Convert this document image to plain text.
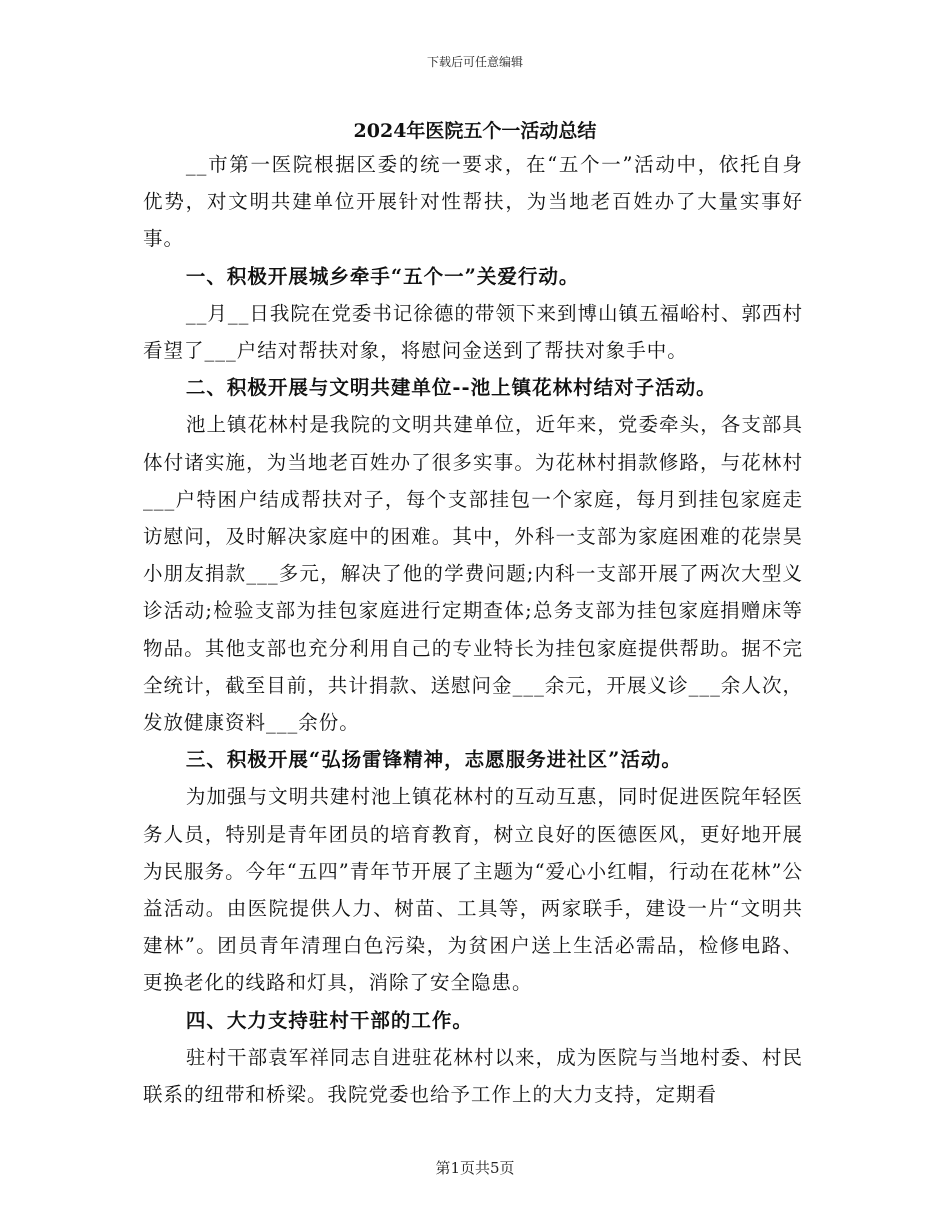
下载后可任意编辑
2024年医院五个一活动总结

__市第一医院根据区委的统一要求，在“五个一”活动中，依托自身优势，对文明共建单位开展针对性帮扶，为当地老百姓办了大量实事好事。

一、积极开展城乡牵手“五个一”关爱行动。

__月__日我院在党委书记徐德的带领下来到博山镇五福峪村、郭西村看望了___户结对帮扶对象，将慰问金送到了帮扶对象手中。

二、积极开展与文明共建单位--池上镇花林村结对子活动。

池上镇花林村是我院的文明共建单位，近年来，党委牵头，各支部具体付诸实施，为当地老百姓办了很多实事。为花林村捐款修路，与花林村___户特困户结成帮扶对子，每个支部挂包一个家庭，每月到挂包家庭走访慰问，及时解决家庭中的困难。其中，外科一支部为家庭困难的花崇昊小朋友捐款___多元，解决了他的学费问题;内科一支部开展了两次大型义诊活动;检验支部为挂包家庭进行定期查体;总务支部为挂包家庭捐赠床等物品。其他支部也充分利用自己的专业特长为挂包家庭提供帮助。据不完全统计，截至目前，共计捐款、送慰问金___余元，开展义诊___余人次，发放健康资料___余份。

三、积极开展“弘扬雷锋精神，志愿服务进社区”活动。

为加强与文明共建村池上镇花林村的互动互惠，同时促进医院年轻医务人员，特别是青年团员的培育教育，树立良好的医德医风，更好地开展为民服务。今年“五四”青年节开展了主题为“爱心小红帽，行动在花林”公益活动。由医院提供人力、树苗、工具等，两家联手，建设一片“文明共建林”。团员青年清理白色污染，为贫困户送上生活必需品，检修电路、更换老化的线路和灯具，消除了安全隐患。

四、大力支持驻村干部的工作。

驻村干部袁军祥同志自进驻花林村以来，成为医院与当地村委、村民联系的纽带和桥梁。我院党委也给予工作上的大力支持，定期看

第1页共5页
